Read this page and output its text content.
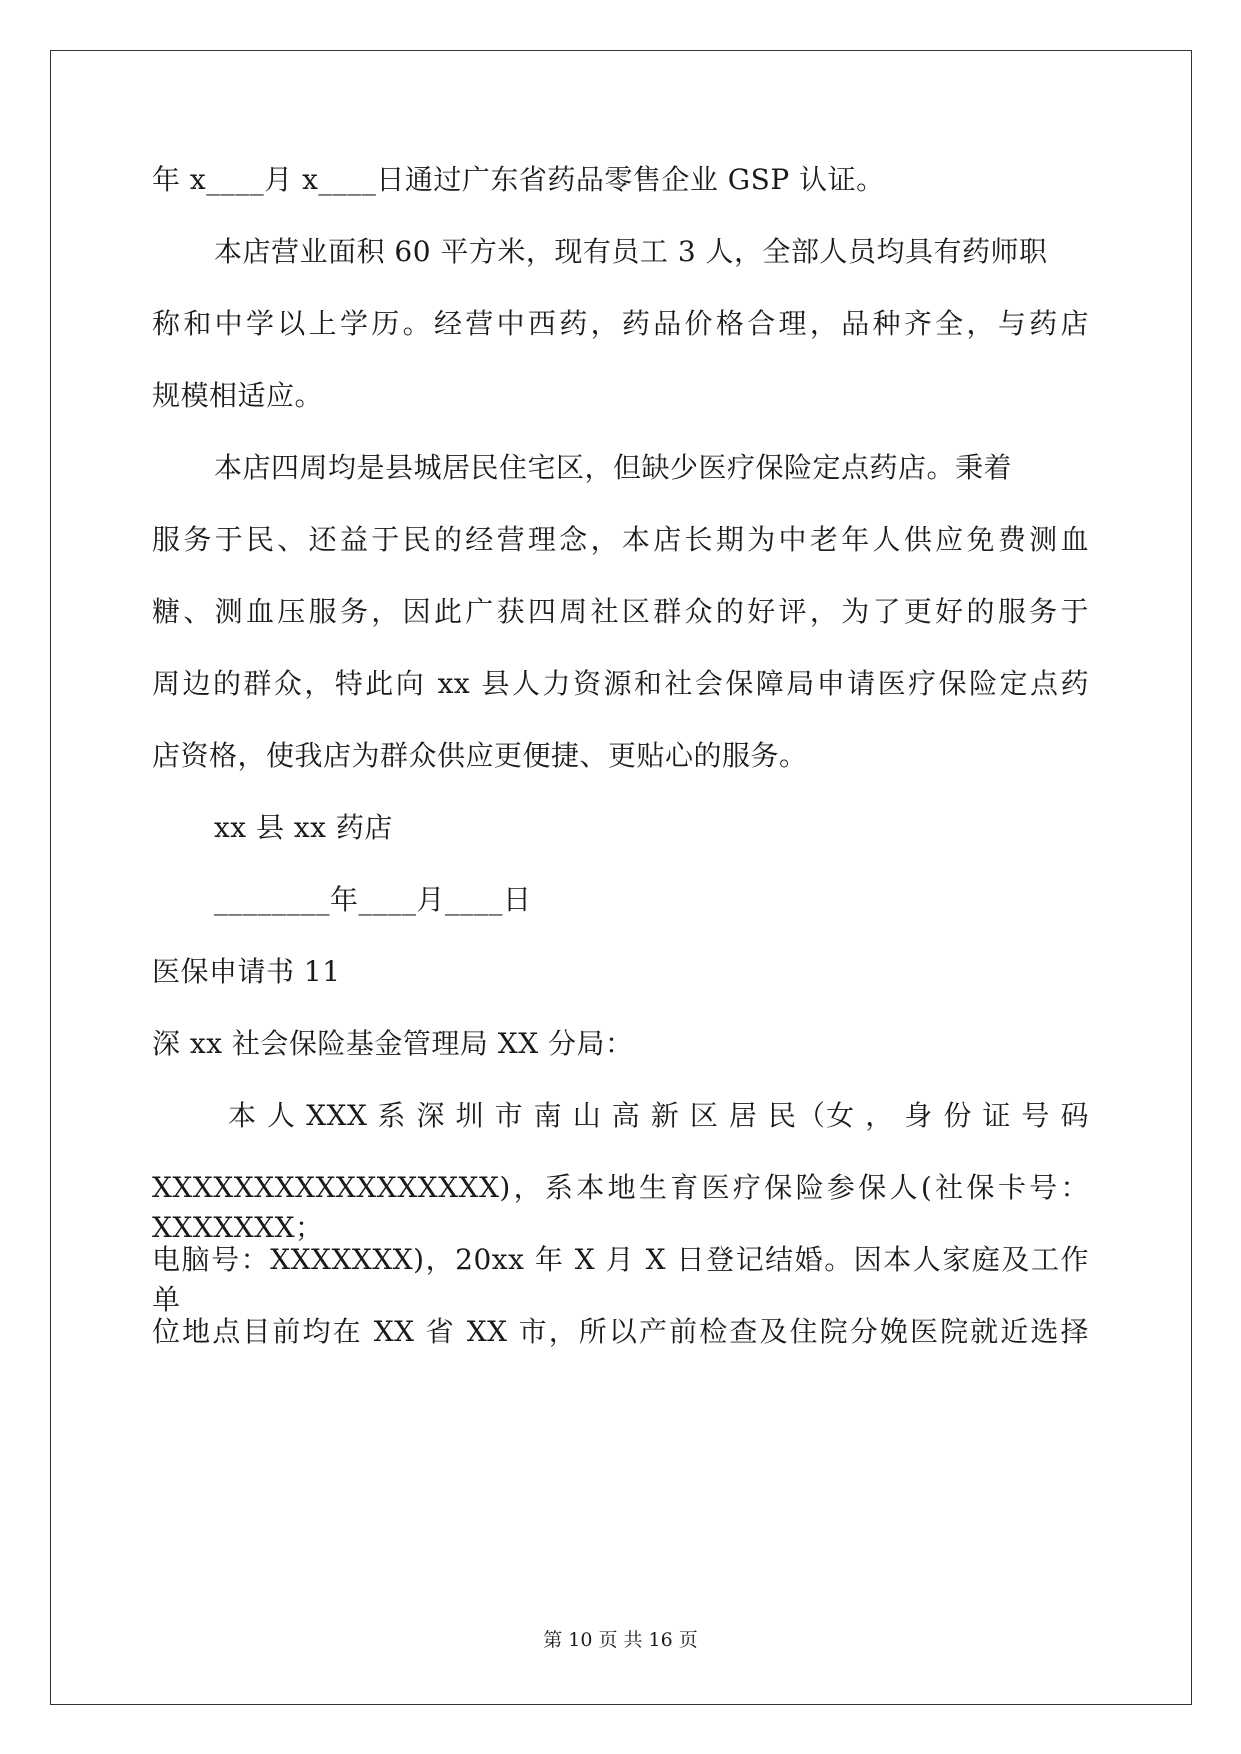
年 x____月 x____日通过广东省药品零售企业 GSP 认证。
本店营业面积 60 平方米，现有员工 3 人，全部人员均具有药师职
称和中学以上学历。经营中西药，药品价格合理，品种齐全，与药店
规模相适应。
本店四周均是县城居民住宅区，但缺少医疗保险定点药店。秉着
服务于民、还益于民的经营理念，本店长期为中老年人供应免费测血
糖、测血压服务，因此广获四周社区群众的好评，为了更好的服务于
周边的群众，特此向 xx 县人力资源和社会保障局申请医疗保险定点药
店资格，使我店为群众供应更便捷、更贴心的服务。
xx 县 xx 药店
________年____月____日
医保申请书 11
深 xx 社会保险基金管理局 XX 分局：
本 人 XXX 系 深 圳 市 南 山 高 新 区 居 民（女 ， 身 份 证 号 码
XXXXXXXXXXXXXXXXX)，系本地生育医疗保险参保人(社保卡号： XXXXXXX；
电脑号：XXXXXXX)，20xx 年 X 月 X 日登记结婚。因本人家庭及工作单
位地点目前均在 XX 省 XX 市，所以产前检查及住院分娩医院就近选择
第 10 页 共 16 页
